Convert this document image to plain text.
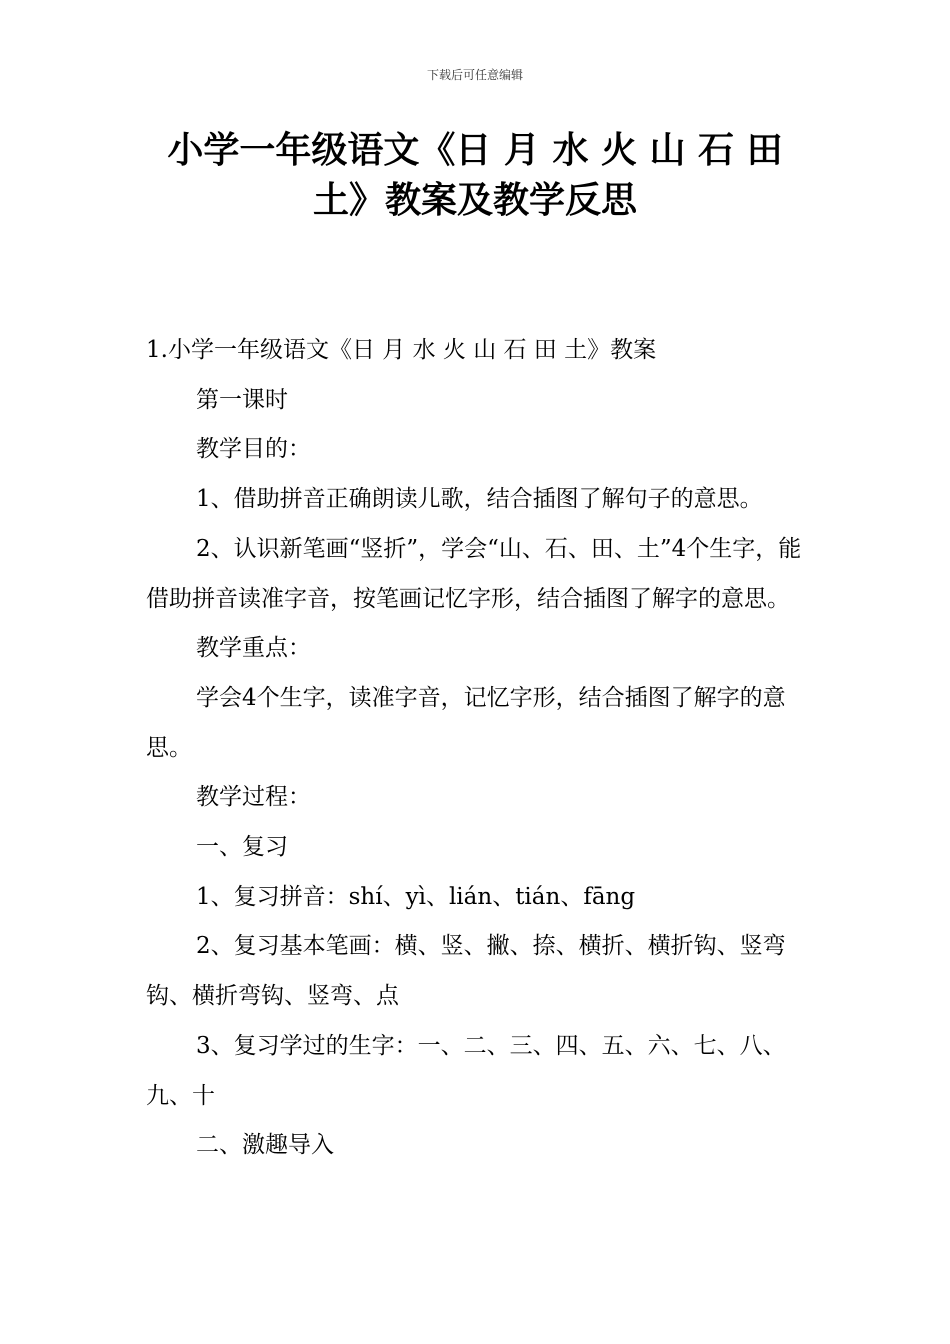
下载后可任意编辑
小学一年级语文《日 月 水 火 山 石 田
土》教案及教学反思

1.小学一年级语文《日 月 水 火 山 石 田 土》教案

第一课时

教学目的：

1、借助拼音正确朗读儿歌，结合插图了解句子的意思。

2、认识新笔画“竖折”，学会“山、石、田、土”4个生字，能借助拼音读准字音，按笔画记忆字形，结合插图了解字的意思。

教学重点：

学会4个生字，读准字音，记忆字形，结合插图了解字的意思。

教学过程：

一、复习

1、复习拼音：shí、yì、lián、tián、fāng

2、复习基本笔画：横、竖、撇、捺、横折、横折钩、竖弯钩、横折弯钩、竖弯、点

3、复习学过的生字：一、二、三、四、五、六、七、八、九、十

二、激趣导入
